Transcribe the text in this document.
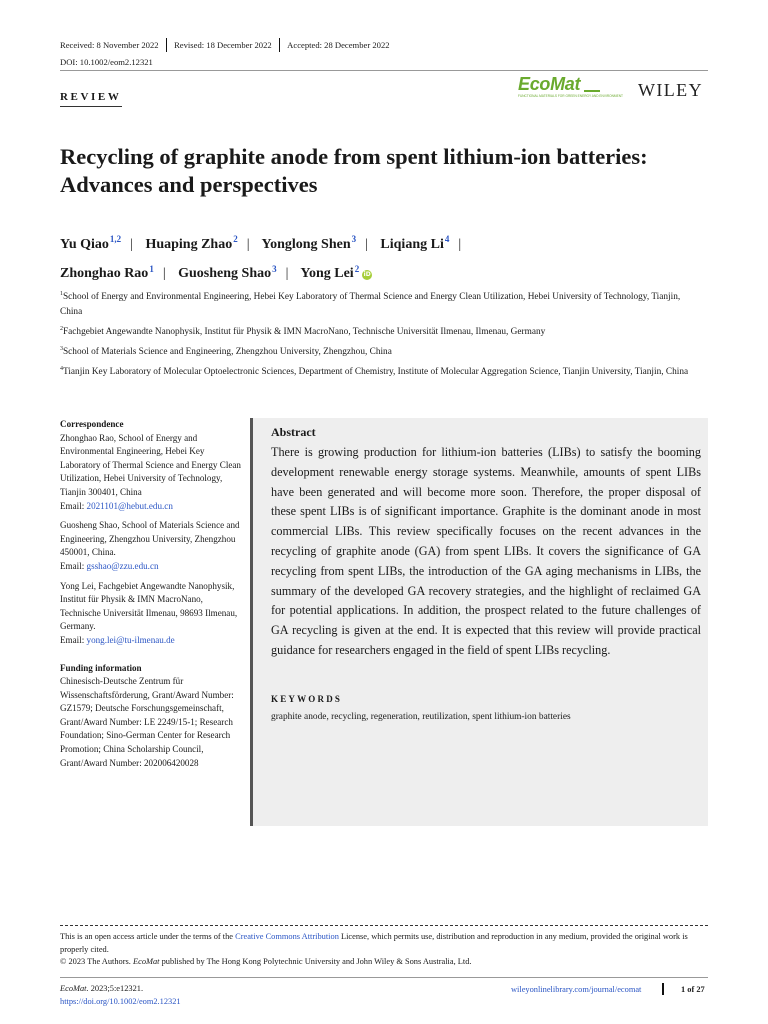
Received: 8 November 2022 Revised: 18 December 2022 Accepted: 28 December 2022
DOI: 10.1002/eom2.12321
REVIEW
EcoMat
FUNCTIONAL MATERIALS FOR GREEN ENERGY AND ENVIRONMENT WILEY
Recycling of graphite anode from spent lithium-ion batteries: Advances and perspectives
Yu Qiao$^{1,2}$ | Huaping Zhao$^2$ | Yonglong Shen$^3$ | Liqiang Li$^4$ |
Zhonghao Rao$^1$ | Guosheng Shao$^3$ | Yong Lei$^2$iD

$^1$School of Energy and Environmental Engineering, Hebei Key Laboratory of Thermal Science and Energy Clean Utilization, Hebei University of Technology, Tianjin, China

$^2$Fachgebiet Angewandte Nanophysik, Institut für Physik & IMN MacroNano, Technische Universität Ilmenau, Ilmenau, Germany

$^3$School of Materials Science and Engineering, Zhengzhou University, Zhengzhou, China

$^4$Tianjin Key Laboratory of Molecular Optoelectronic Sciences, Department of Chemistry, Institute of Molecular Aggregation Science, Tianjin University, Tianjin, China

Correspondence

Zhonghao Rao, School of Energy and Environmental Engineering, Hebei Key Laboratory of Thermal Science and Energy Clean Utilization, Hebei University of Technology, Tianjin 300401, China
Email: 2021101@hebut.edu.cn

Guosheng Shao, School of Materials Science and Engineering, Zhengzhou University, Zhengzhou 450001, China.
Email: gsshao@zzu.edu.cn

Yong Lei, Fachgebiet Angewandte Nanophysik, Institut für Physik & IMN MacroNano, Technische Universität Ilmenau, 98693 Ilmenau, Germany.
Email: yong.lei@tu-ilmenau.de

Funding information
Chinesisch-Deutsche Zentrum für Wissenschaftsförderung, Grant/Award Number: GZ1579; Deutsche Forschungsgemeinschaft, Grant/Award Number: LE 2249/15-1; Research Foundation; Sino-German Center for Research Promotion; China Scholarship Council, Grant/Award Number: 202006420028
Abstract
There is growing production for lithium-ion batteries (LIBs) to satisfy the booming development renewable energy storage systems. Meanwhile, amounts of spent LIBs have been generated and will become more soon. Therefore, the proper disposal of these spent LIBs is of significant importance. Graphite is the dominant anode in most commercial LIBs. This review specifically focuses on the recent advances in the recycling of graphite anode (GA) from spent LIBs. It covers the significance of GA recycling from spent LIBs, the introduction of the GA aging mechanisms in LIBs, the summary of the developed GA recovery strategies, and the highlight of reclaimed GA for potential applications. In addition, the prospect related to the future challenges of GA recycling is given at the end. It is expected that this review will provide practical guidance for researchers engaged in the field of spent LIBs recycling.
KEYWORDS
graphite anode, recycling, regeneration, reutilization, spent lithium-ion batteries

This is an open access article under the terms of the Creative Commons Attribution License, which permits use, distribution and reproduction in any medium, provided the original work is properly cited.

© 2023 The Authors. EcoMat published by The Hong Kong Polytechnic University and John Wiley & Sons Australia, Ltd.

EcoMat. 2023;5:e12321.
https://doi.org/10.1002/eom2.12321
wileyonlinelibrary.com/journal/ecomat	1 of 27
